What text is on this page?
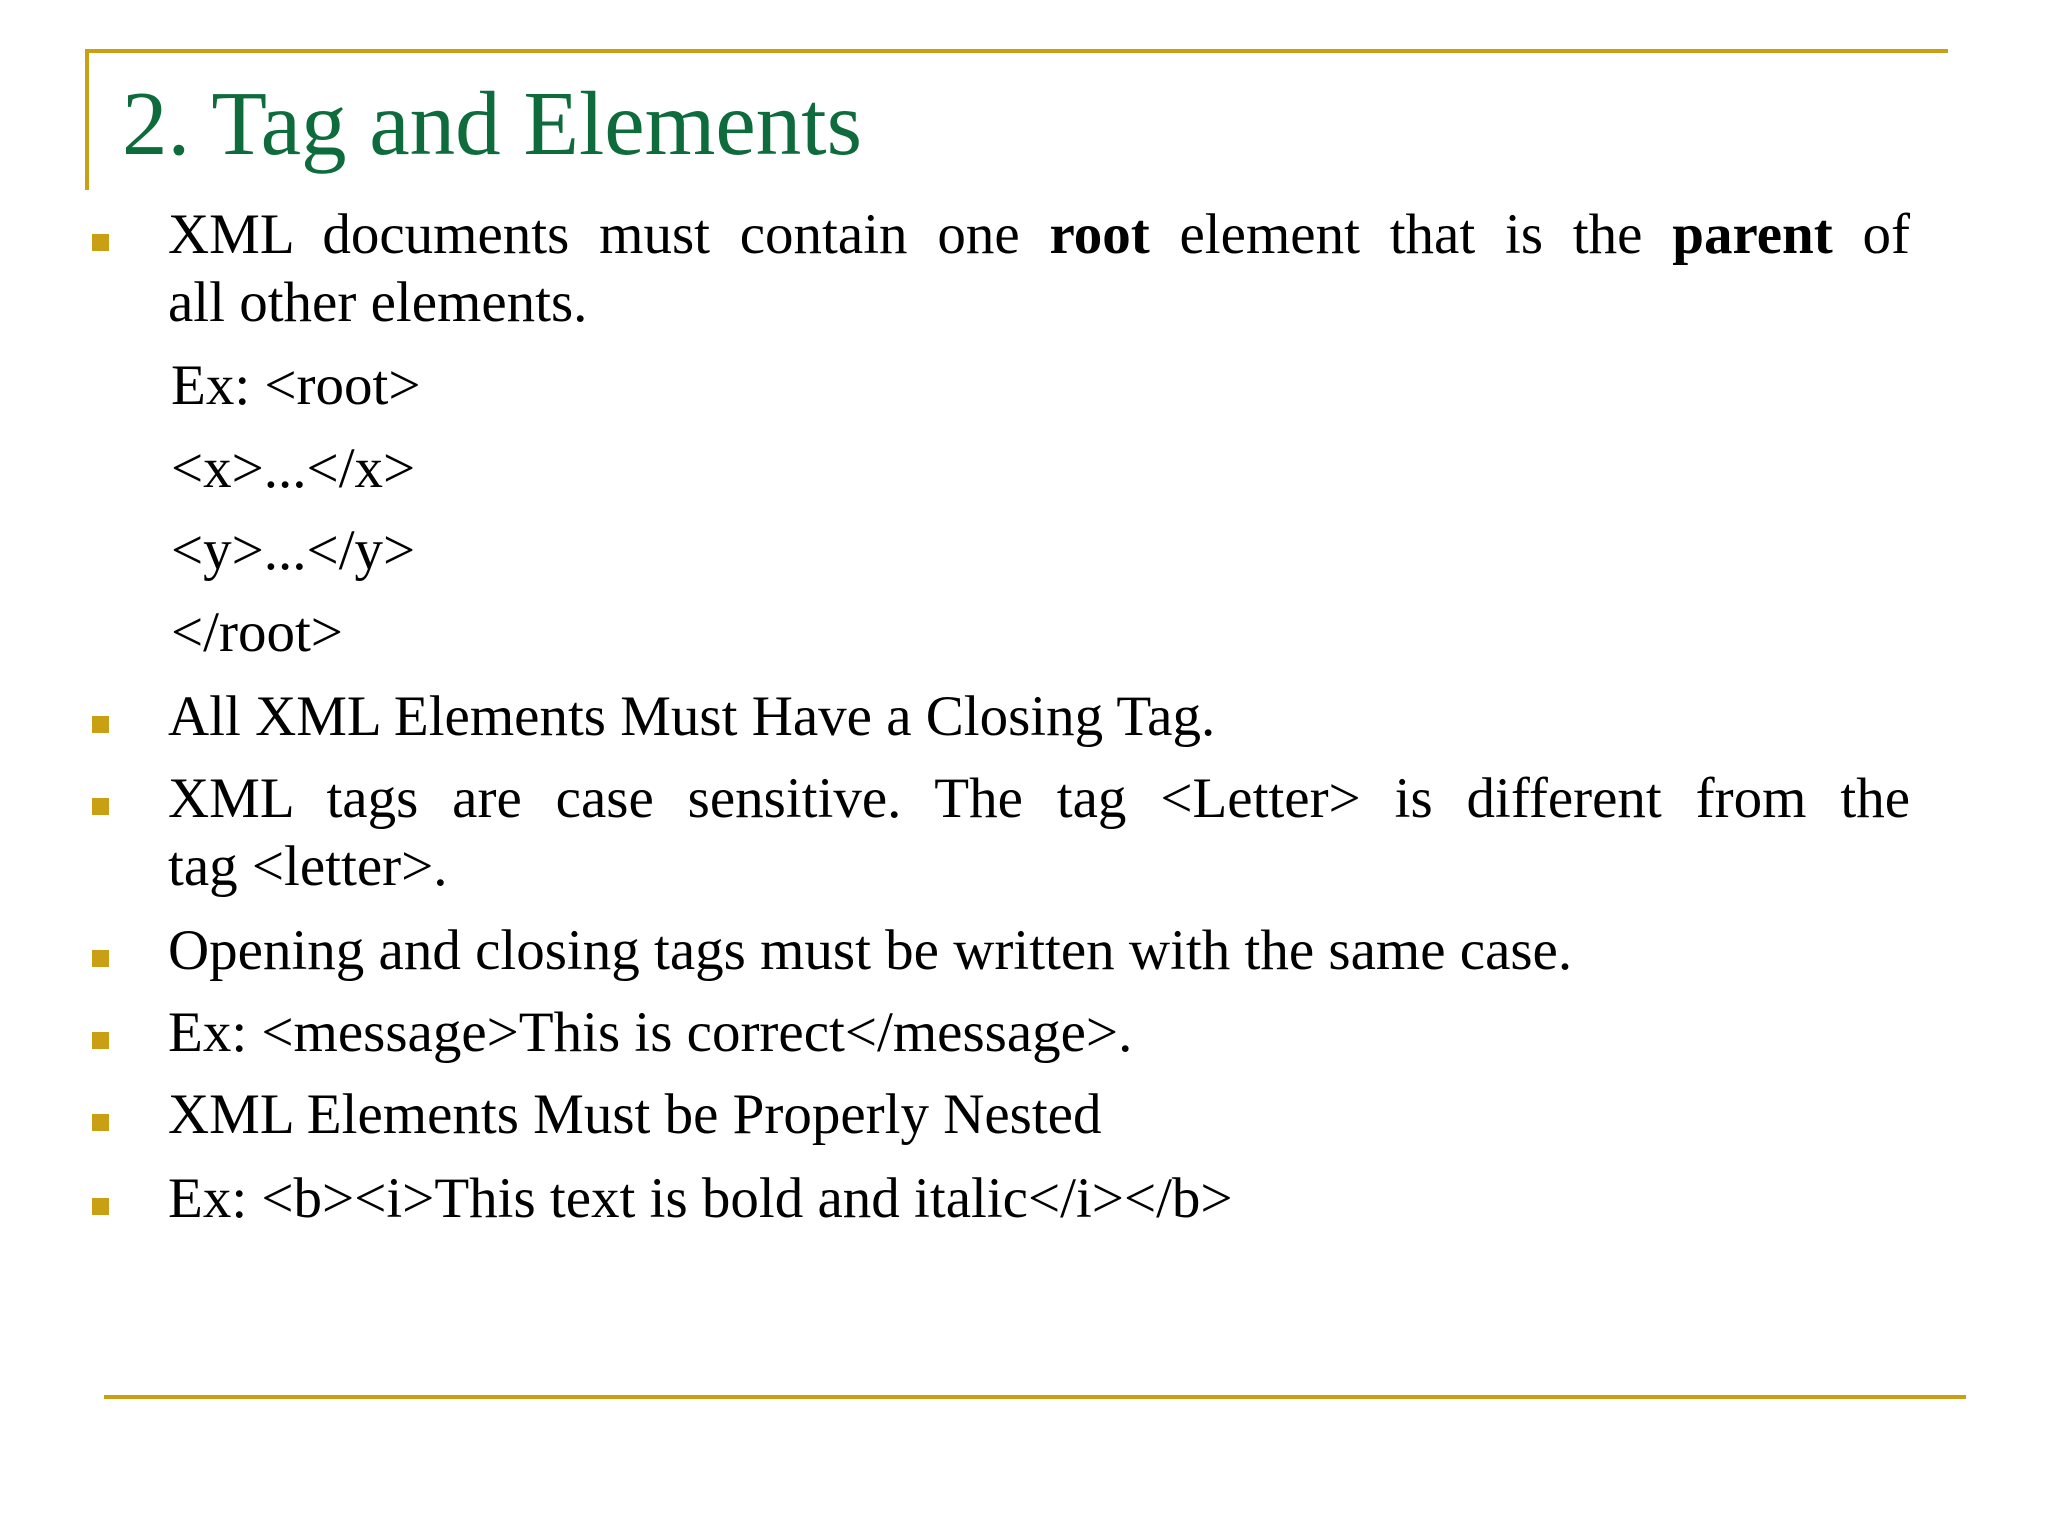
2. Tag and Elements
XML documents must contain one root element that is the parent of
all other elements.
Ex: <root>
<x>...</x>
<y>...</y>
</root>
All XML Elements Must Have a Closing Tag.
XML tags are case sensitive. The tag <Letter> is different from the
tag <letter>.
Opening and closing tags must be written with the same case.
Ex: <message>This is correct</message>.
XML Elements Must be Properly Nested
Ex: <b><i>This text is bold and italic</i></b>
